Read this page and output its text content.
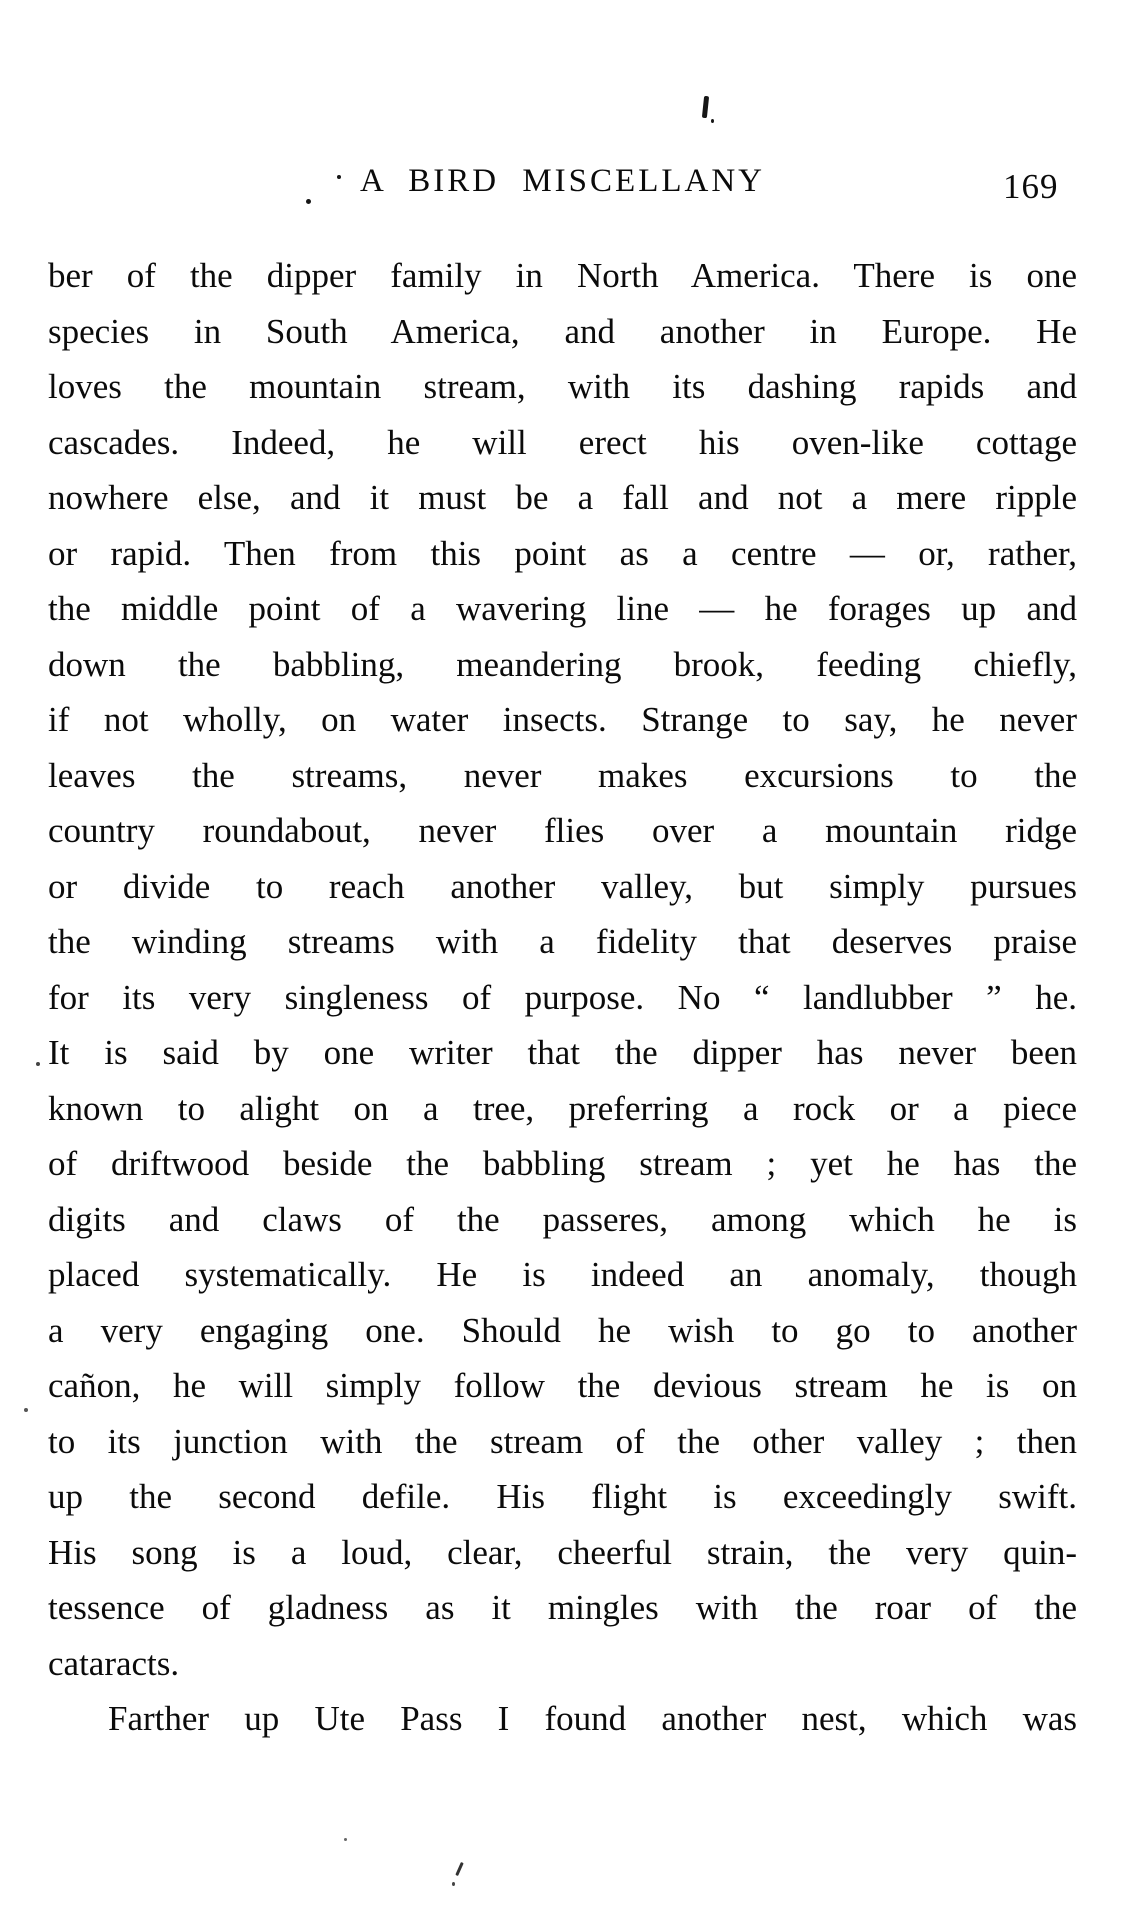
A BIRD MISCELLANY	169
ber of the dipper family in North America. There is one
species in South America, and another in Europe. He
loves the mountain stream, with its dashing rapids and
cascades. Indeed, he will erect his oven-like cottage
nowhere else, and it must be a fall and not a mere ripple
or rapid. Then from this point as a centre — or, rather,
the middle point of a wavering line — he forages up and
down the babbling, meandering brook, feeding chiefly,
if not wholly, on water insects. Strange to say, he never
leaves the streams, never makes excursions to the
country roundabout, never flies over a mountain ridge
or divide to reach another valley, but simply pursues
the winding streams with a fidelity that deserves praise
for its very singleness of purpose. No “ landlubber ” he.
It is said by one writer that the dipper has never been
known to alight on a tree, preferring a rock or a piece
of driftwood beside the babbling stream ; yet he has the
digits and claws of the passeres, among which he is
placed systematically. He is indeed an anomaly, though
a very engaging one. Should he wish to go to another
cañon, he will simply follow the devious stream he is on
to its junction with the stream of the other valley ; then
up the second defile. His flight is exceedingly swift.
His song is a loud, clear, cheerful strain, the very quin-
tessence of gladness as it mingles with the roar of the
cataracts.
Farther up Ute Pass I found another nest, which was
